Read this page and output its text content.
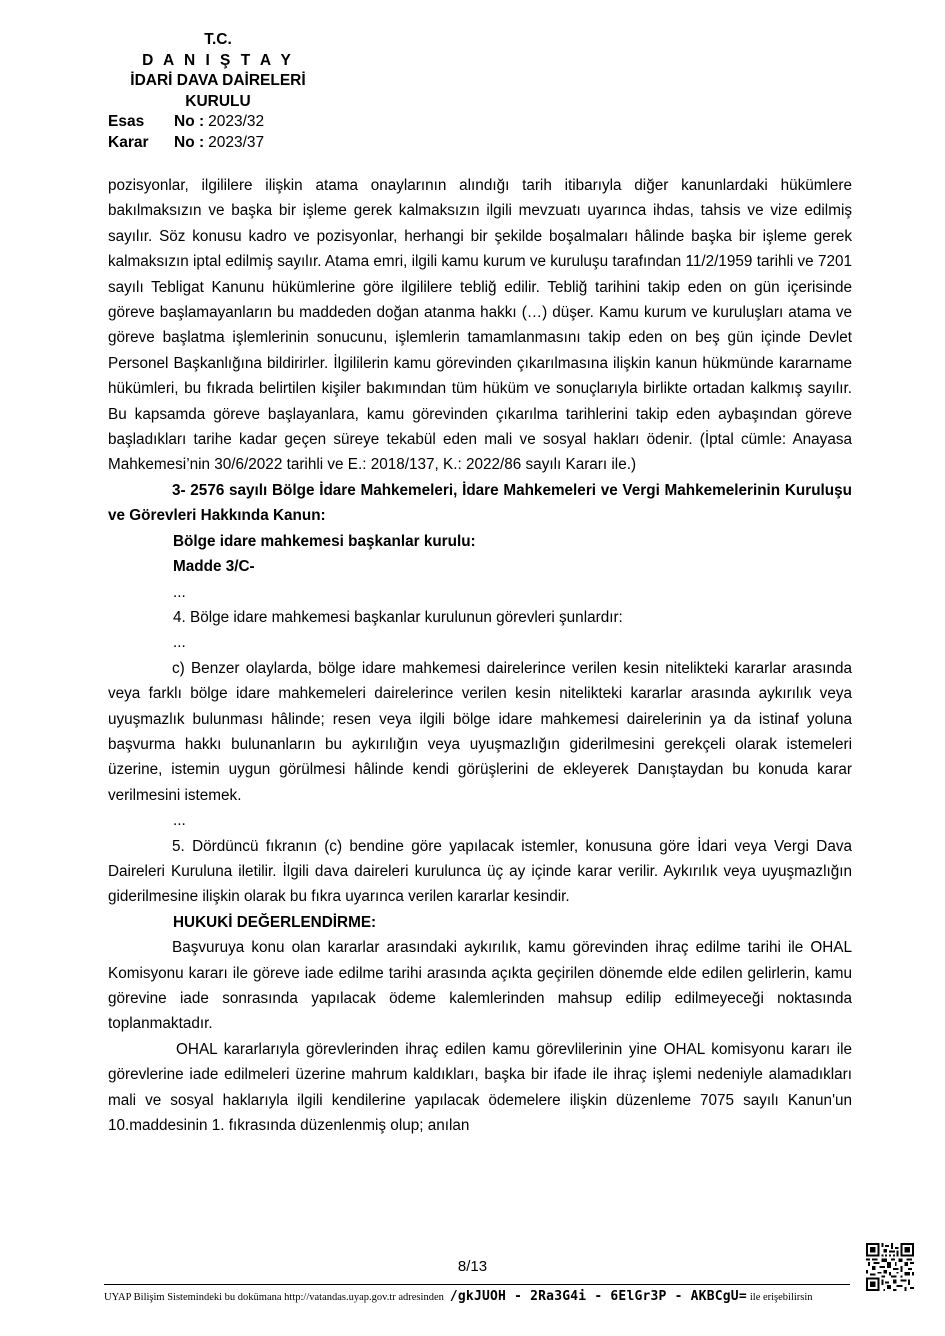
T.C.
D A N I Ş T A Y
İDARİ DAVA DAİRELERİ
KURULU
Esas	No : 2023/32
Karar	No : 2023/37

pozisyonlar, ilgililere ilişkin atama onaylarının alındığı tarih itibarıyla diğer kanunlardaki hükümlere bakılmaksızın ve başka bir işleme gerek kalmaksızın ilgili mevzuatı uyarınca ihdas, tahsis ve vize edilmiş sayılır. Söz konusu kadro ve pozisyonlar, herhangi bir şekilde boşalmaları hâlinde başka bir işleme gerek kalmaksızın iptal edilmiş sayılır. Atama emri, ilgili kamu kurum ve kuruluşu tarafından 11/2/1959 tarihli ve 7201 sayılı Tebligat Kanunu hükümlerine göre ilgililere tebliğ edilir. Tebliğ tarihini takip eden on gün içerisinde göreve başlamayanların bu maddeden doğan atanma hakkı (…) düşer. Kamu kurum ve kuruluşları atama ve göreve başlatma işlemlerinin sonucunu, işlemlerin tamamlanmasını takip eden on beş gün içinde Devlet Personel Başkanlığına bildirirler. İlgililerin kamu görevinden çıkarılmasına ilişkin kanun hükmünde kararname hükümleri, bu fıkrada belirtilen kişiler bakımından tüm hüküm ve sonuçlarıyla birlikte ortadan kalkmış sayılır. Bu kapsamda göreve başlayanlara, kamu görevinden çıkarılma tarihlerini takip eden aybaşından göreve başladıkları tarihe kadar geçen süreye tekabül eden mali ve sosyal hakları ödenir. (İptal cümle: Anayasa Mahkemesi’nin 30/6/2022 tarihli ve E.: 2018/137, K.: 2022/86 sayılı Kararı ile.)

3- 2576 sayılı Bölge İdare Mahkemeleri, İdare Mahkemeleri ve Vergi Mahkemelerinin Kuruluşu ve Görevleri Hakkında Kanun:

Bölge idare mahkemesi başkanlar kurulu:

Madde 3/C-

...

4. Bölge idare mahkemesi başkanlar kurulunun görevleri şunlardır:

...

c) Benzer olaylarda, bölge idare mahkemesi dairelerince verilen kesin nitelikteki kararlar arasında veya farklı bölge idare mahkemeleri dairelerince verilen kesin nitelikteki kararlar arasında aykırılık veya uyuşmazlık bulunması hâlinde; resen veya ilgili bölge idare mahkemesi dairelerinin ya da istinaf yoluna başvurma hakkı bulunanların bu aykırılığın veya uyuşmazlığın giderilmesini gerekçeli olarak istemeleri üzerine, istemin uygun görülmesi hâlinde kendi görüşlerini de ekleyerek Danıştaydan bu konuda karar verilmesini istemek.

...

5. Dördüncü fıkranın (c) bendine göre yapılacak istemler, konusuna göre İdari veya Vergi Dava Daireleri Kuruluna iletilir. İlgili dava daireleri kurulunca üç ay içinde karar verilir. Aykırılık veya uyuşmazlığın giderilmesine ilişkin olarak bu fıkra uyarınca verilen kararlar kesindir.

HUKUKİ DEĞERLENDİRME:

Başvuruya konu olan kararlar arasındaki aykırılık, kamu görevinden ihraç edilme tarihi ile OHAL Komisyonu kararı ile göreve iade edilme tarihi arasında açıkta geçirilen dönemde elde edilen gelirlerin, kamu görevine iade sonrasında yapılacak ödeme kalemlerinden mahsup edilip edilmeyeceği noktasında toplanmaktadır.

OHAL kararlarıyla görevlerinden ihraç edilen kamu görevlilerinin yine OHAL komisyonu kararı ile görevlerine iade edilmeleri üzerine mahrum kaldıkları, başka bir ifade ile ihraç işlemi nedeniyle alamadıkları mali ve sosyal haklarıyla ilgili kendilerine yapılacak ödemelere ilişkin düzenleme 7075 sayılı Kanun'un 10.maddesinin 1. fıkrasında düzenlenmiş olup; anılan

8/13
UYAP Bilişim Sistemindeki bu dokümana http://vatandas.uyap.gov.tr adresinden /gkJUOH - 2Ra3G4i - 6ElGr3P - AKBCgU= ile erişebilirsin
